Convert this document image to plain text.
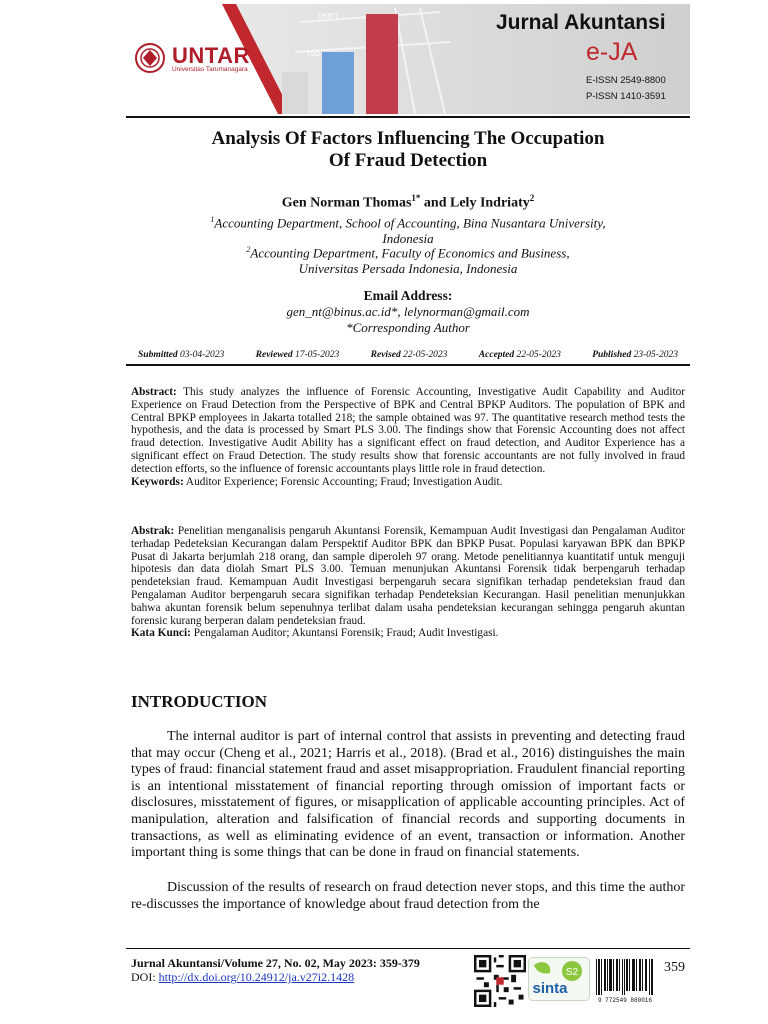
DEBIT
TSO
UNTAR
Universitas Tarumanagara
Jurnal Akuntansi
e-JA
E-ISSN 2549-8800
P-ISSN 1410-3591
Analysis Of Factors Influencing The Occupation
Of Fraud Detection
Gen Norman Thomas$^{1*}$ and Lely Indriaty$^2$
$^1$Accounting Department, School of Accounting, Bina Nusantara University,
Indonesia
$^2$Accounting Department, Faculty of Economics and Business,
Universitas Persada Indonesia, Indonesia
Email Address:
gen_nt@binus.ac.id*, lelynorman@gmail.com
*Corresponding Author
Submitted 03-04-2023	Reviewed 17-05-2023	Revised 22-05-2023	Accepted 22-05-2023	Published 23-05-2023
Abstract: This study analyzes the influence of Forensic Accounting, Investigative Audit Capability and Auditor Experience on Fraud Detection from the Perspective of BPK and Central BPKP Auditors. The population of BPK and Central BPKP employees in Jakarta totalled 218; the sample obtained was 97. The quantitative research method tests the hypothesis, and the data is processed by Smart PLS 3.00. The findings show that Forensic Accounting does not affect fraud detection. Investigative Audit Ability has a significant effect on fraud detection, and Auditor Experience has a significant effect on Fraud Detection. The study results show that forensic accountants are not fully involved in fraud detection efforts, so the influence of forensic accountants plays little role in fraud detection.
Keywords: Auditor Experience; Forensic Accounting; Fraud; Investigation Audit.
Abstrak: Penelitian menganalisis pengaruh Akuntansi Forensik, Kemampuan Audit Investigasi dan Pengalaman Auditor terhadap Pedeteksian Kecurangan dalam Perspektif Auditor BPK dan BPKP Pusat. Populasi karyawan BPK dan BPKP Pusat di Jakarta berjumlah 218 orang, dan sample diperoleh 97 orang. Metode penelitiannya kuantitatif untuk menguji hipotesis dan data diolah Smart PLS 3.00. Temuan menunjukan Akuntansi Forensik tidak berpengaruh terhadap pendeteksian fraud. Kemampuan Audit Investigasi berpengaruh secara signifikan terhadap pendeteksian fraud dan Pengalaman Auditor berpengaruh secara signifikan terhadap Pendeteksian Kecurangan. Hasil penelitian menunjukkan bahwa akuntan forensik belum sepenuhnya terlibat dalam usaha pendeteksian kecurangan sehingga pengaruh akuntan forensic kurang berperan dalam pendeteksian fraud.
Kata Kunci: Pengalaman Auditor; Akuntansi Forensik; Fraud; Audit Investigasi.
INTRODUCTION
The internal auditor is part of internal control that assists in preventing and detecting fraud that may occur (Cheng et al., 2021; Harris et al., 2018). (Brad et al., 2016) distinguishes the main types of fraud: financial statement fraud and asset misappropriation. Fraudulent financial reporting is an intentional misstatement of financial reporting through omission of important facts or disclosures, misstatement of figures, or misapplication of applicable accounting principles. Act of manipulation, alteration and falsification of financial records and supporting documents in transactions, as well as eliminating evidence of an event, transaction or information. Another important thing is some things that can be done in fraud on financial statements.
Discussion of the results of research on fraud detection never stops, and this time the author re-discusses the importance of knowledge about fraud detection from the
Jurnal Akuntansi/Volume 27, No. 02, May 2023: 359-379
DOI: http://dx.doi.org/10.24912/ja.v27i2.1428	S2
sinta
9 772549 880016
359
